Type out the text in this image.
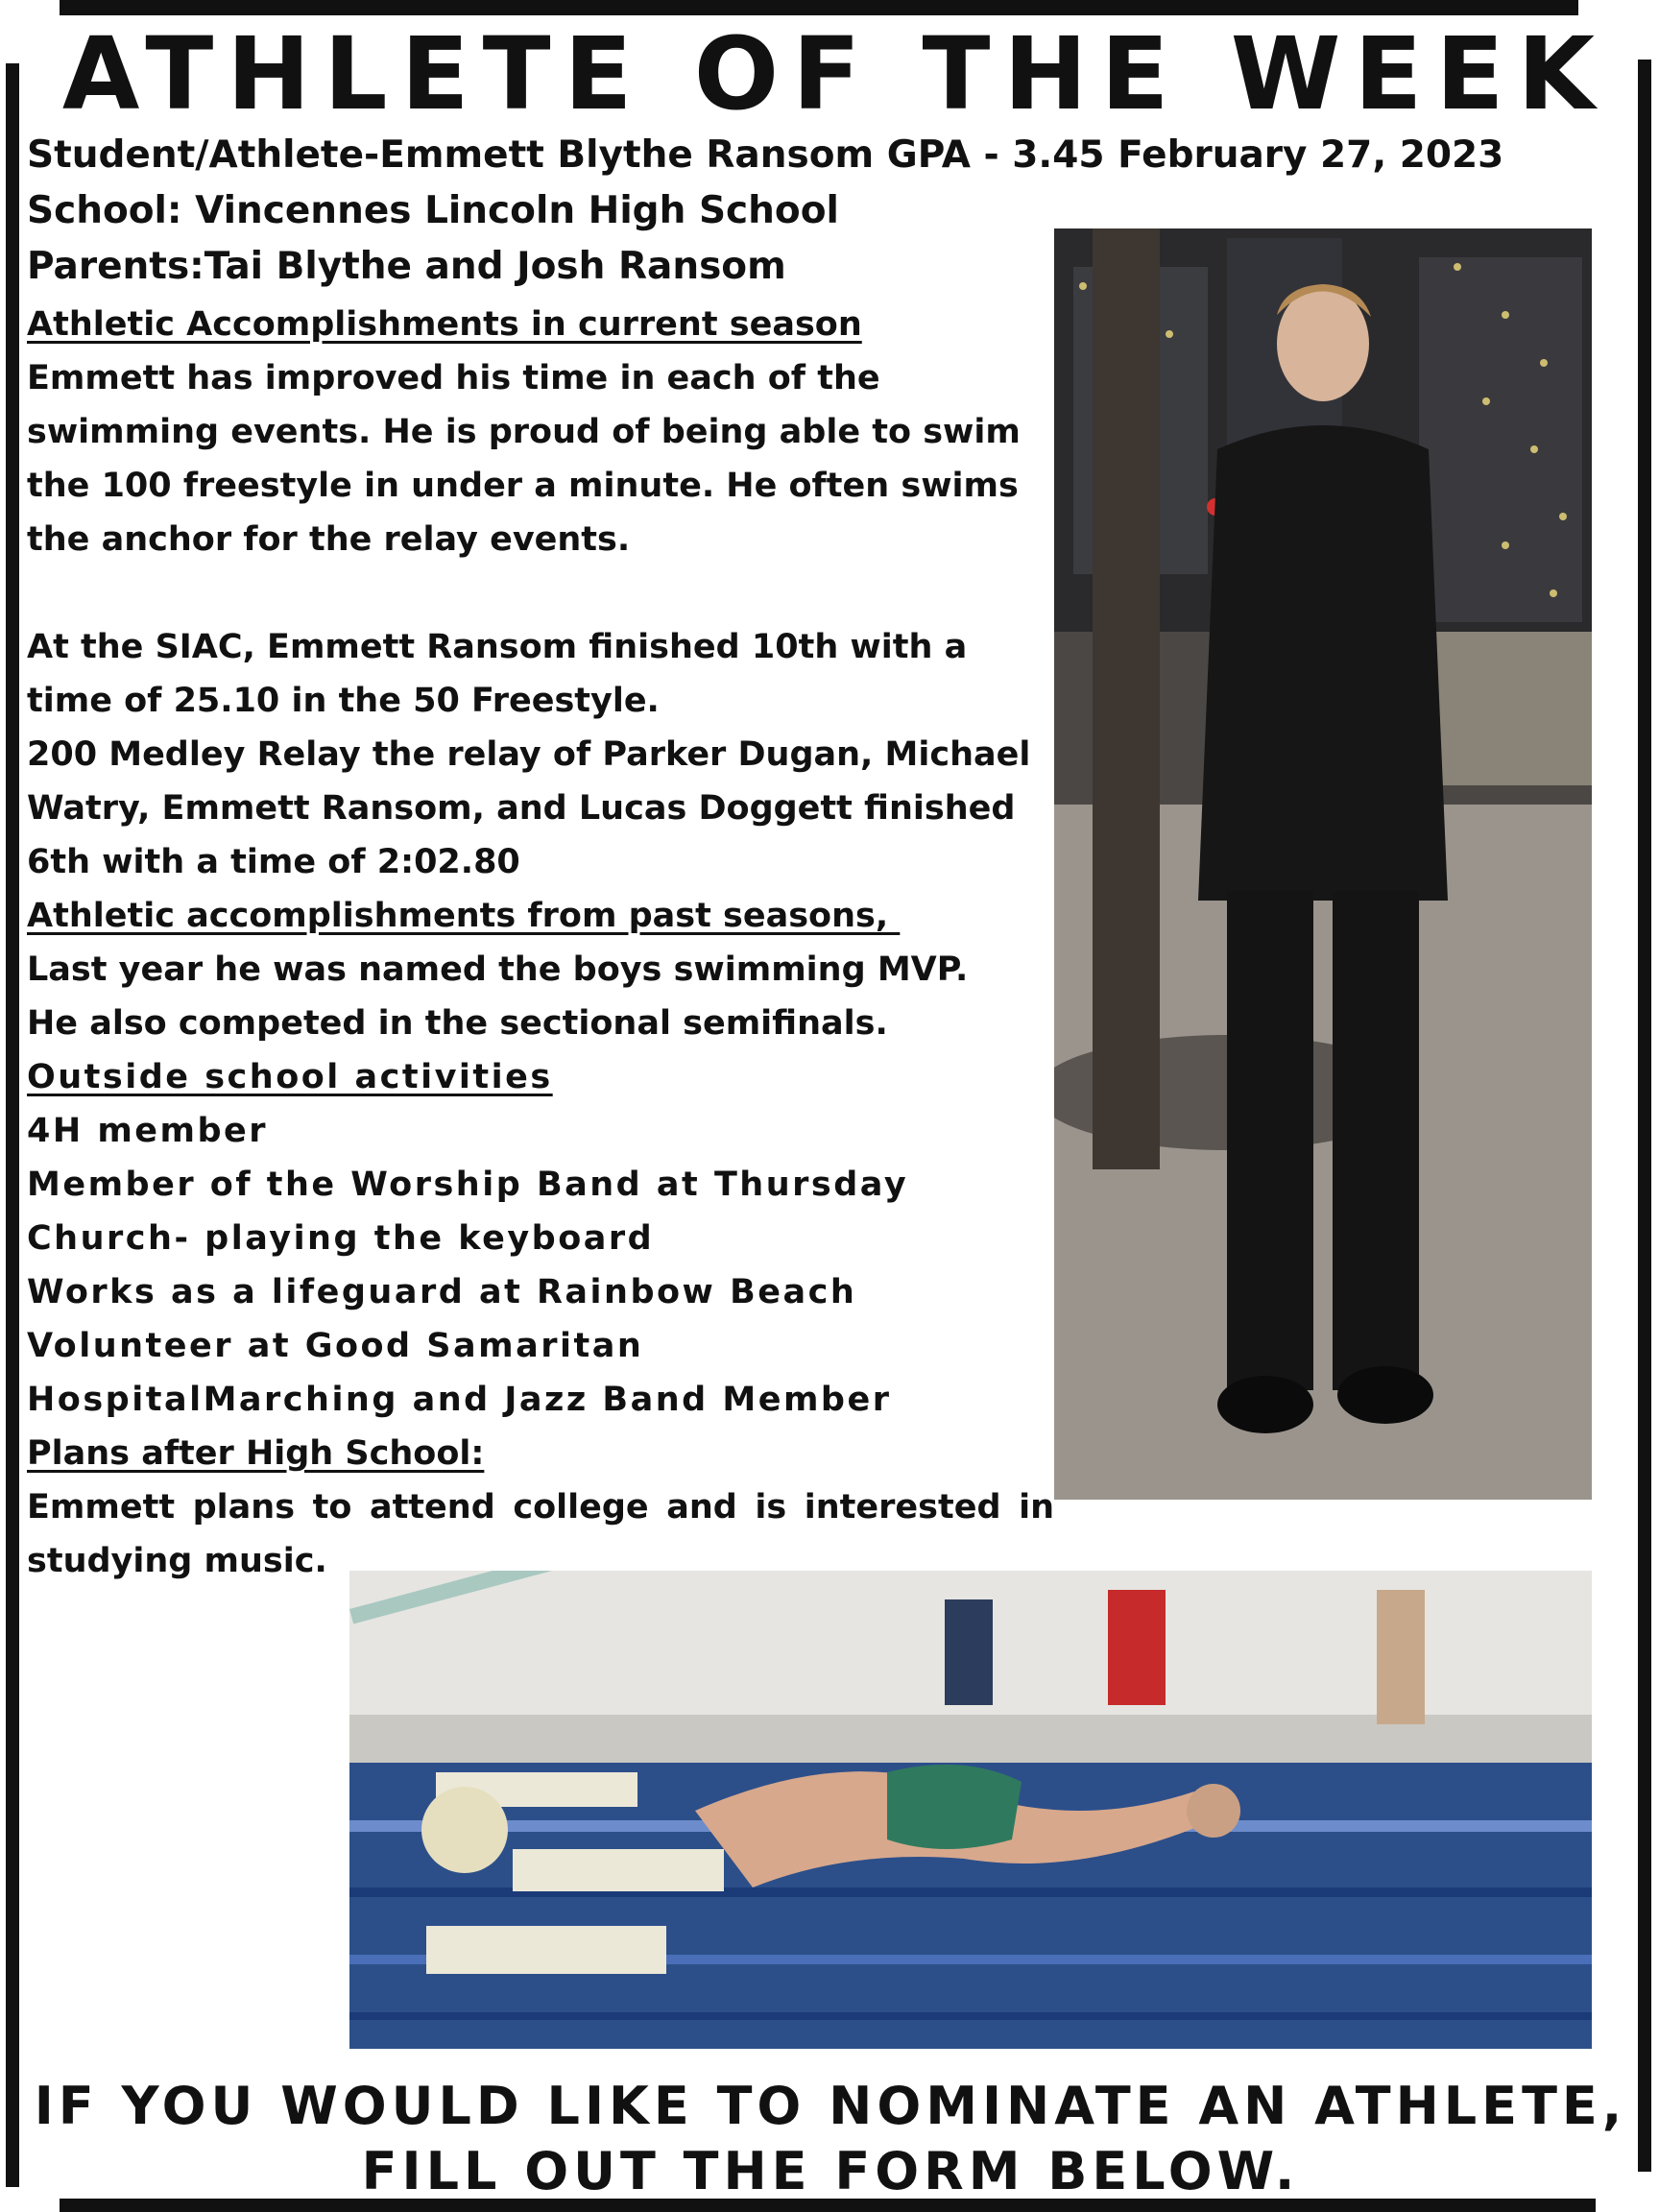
ATHLETE OF THE WEEK
Student/Athlete-Emmett Blythe Ransom GPA - 3.45 February 27, 2023
School: Vincennes Lincoln High School
Parents:Tai Blythe and Josh Ransom

Athletic Accomplishments in current season

Emmett has improved his time in each of the

swimming events. He is proud of being able to swim

the 100 freestyle in under a minute. He often swims

the anchor for the relay events.

At the SIAC, Emmett Ransom finished 10th with a

time of 25.10 in the 50 Freestyle.

200 Medley Relay the relay of Parker Dugan, Michael

Watry, Emmett Ransom, and Lucas Doggett finished

6th with a time of 2:02.80

Athletic accomplishments from past seasons,

Last year he was named the boys swimming MVP.

He also competed in the sectional semifinals.

Outside school activities

4H member

Member of the Worship Band at Thursday

Church- playing the keyboard

Works as a lifeguard at Rainbow Beach

Volunteer at Good Samaritan

HospitalMarching and Jazz Band Member

Plans after High School:

Emmett plans to attend college and is interested in

studying music.

IF YOU WOULD LIKE TO NOMINATE AN ATHLETE,
FILL OUT THE FORM BELOW.
